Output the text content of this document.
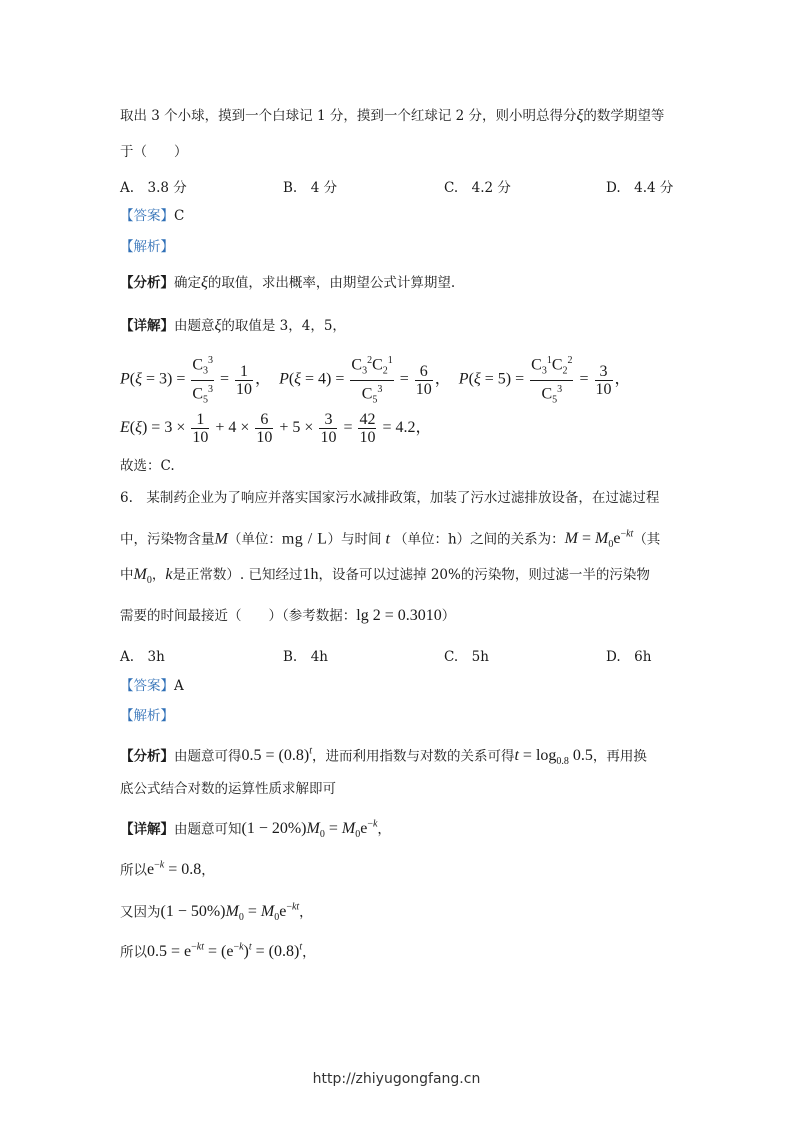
取出 3 个小球，摸到一个白球记 1 分，摸到一个红球记 2 分，则小明总得分ξ的数学期望等
于（　　）
A.　3.8 分	B.　4 分	C.　4.2 分	D.　4.4 分
【答案】C
【解析】
【分析】确定ξ的取值，求出概率，由期望公式计算期望.
【详解】由题意ξ的取值是 3，4，5，
$P(\xi = 3) = \frac{C_3^3}{C_5^3} = \frac{1}{10}$ ，  $P(\xi = 4) = \frac{C_3^2C_2^1}{C_5^3} = \frac{6}{10}$ ，  $P(\xi = 5) = \frac{C_3^1C_2^2}{C_5^3} = \frac{3}{10}$ ，
$E(\xi) = 3 \times \frac{1}{10} + 4 \times \frac{6}{10} + 5 \times \frac{3}{10} = \frac{42}{10} = 4.2$，
故选：C.
6.　某制药企业为了响应并落实国家污水减排政策，加装了污水过滤排放设备，在过滤过程
中，污染物含量M（单位：mg / L）与时间 t （单位：h）之间的关系为：$M = M_0e^{-kt}$（其
中$M_0$，k是正常数）. 已知经过1h，设备可以过滤掉 20%的污染物，则过滤一半的污染物
需要的时间最接近（　　）（参考数据：lg 2 = 0.3010）
A.　3h	B.　4h	C.　5h	D.　6h
【答案】A
【解析】
【分析】由题意可得$0.5 = (0.8)^t$，进而利用指数与对数的关系可得$t = \log_{0.8} 0.5$，再用换
底公式结合对数的运算性质求解即可
【详解】由题意可知$(1 - 20\%)M_0 = M_0e^{-k}$，
所以$e^{-k} = 0.8$，
又因为$(1 - 50\%)M_0 = M_0e^{-kt}$，
所以$0.5 = e^{-kt} = (e^{-k})^t = (0.8)^t$，
http://zhiyugongfang.cn
